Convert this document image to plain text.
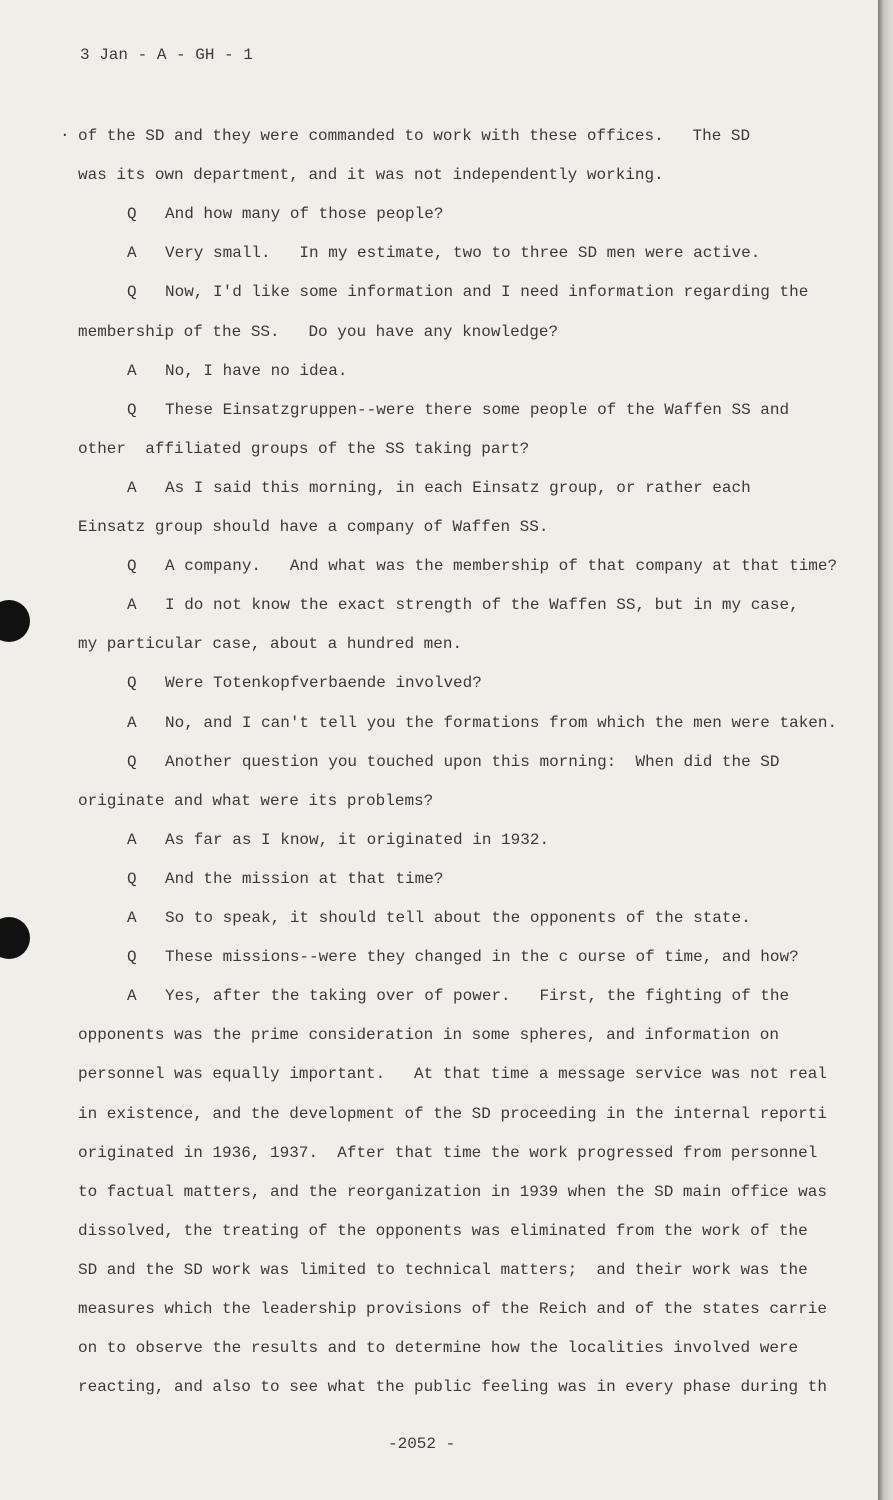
3 Jan - A - GH - 1
· of the SD and they were commanded to work with these offices.   The SD
was its own department, and it was not independently working.
Q And how many of those people?
A Very small.   In my estimate, two to three SD men were active.
Q Now, I'd like some information and I need information regarding the
membership of the SS.   Do you have any knowledge?
A No, I have no idea.
Q These Einsatzgruppen--were there some people of the Waffen SS and
other  affiliated groups of the SS taking part?
A As I said this morning, in each Einsatz group, or rather each
Einsatz group should have a company of Waffen SS.
Q A company.   And what was the membership of that company at that time?
A I do not know the exact strength of the Waffen SS, but in my case,
my particular case, about a hundred men.
Q Were Totenkopfverbaende involved?
A No, and I can't tell you the formations from which the men were taken.
Q Another question you touched upon this morning:  When did the SD
originate and what were its problems?
A As far as I know, it originated in 1932.
Q And the mission at that time?
A So to speak, it should tell about the opponents of the state.
Q These missions--were they changed in the c ourse of time, and how?
A Yes, after the taking over of power.   First, the fighting of the
opponents was the prime consideration in some spheres, and information on
personnel was equally important.   At that time a message service was not real
in existence, and the development of the SD proceeding in the internal reporti
originated in 1936, 1937.  After that time the work progressed from personnel
to factual matters, and the reorganization in 1939 when the SD main office was
dissolved, the treating of the opponents was eliminated from the work of the
SD and the SD work was limited to technical matters;  and their work was the
measures which the leadership provisions of the Reich and of the states carrie
on to observe the results and to determine how the localities involved were
reacting, and also to see what the public feeling was in every phase during th
-2052 -
